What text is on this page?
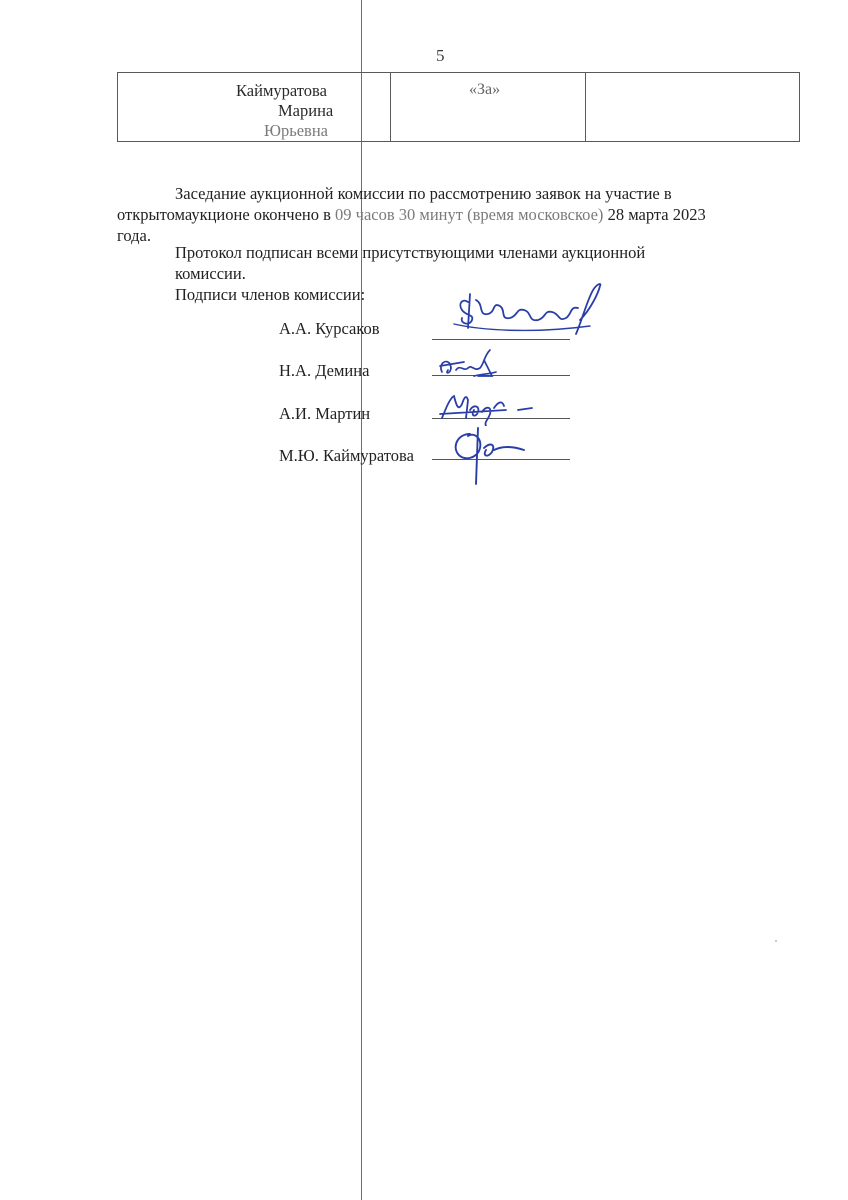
5
Каймуратова
Марина
Юрьевна
«За»
Заседание аукционной комиссии по рассмотрению заявок на участие в
открытомаукционе окончено в 09 часов 30 минут (время московское) 28 марта 2023
года.
Протокол подписан всеми присутствующими членами аукционной
комиссии.
Подписи членов комиссии:
А.А. Курсаков
Н.А. Демина
А.И. Мартин
М.Ю. Каймуратова
